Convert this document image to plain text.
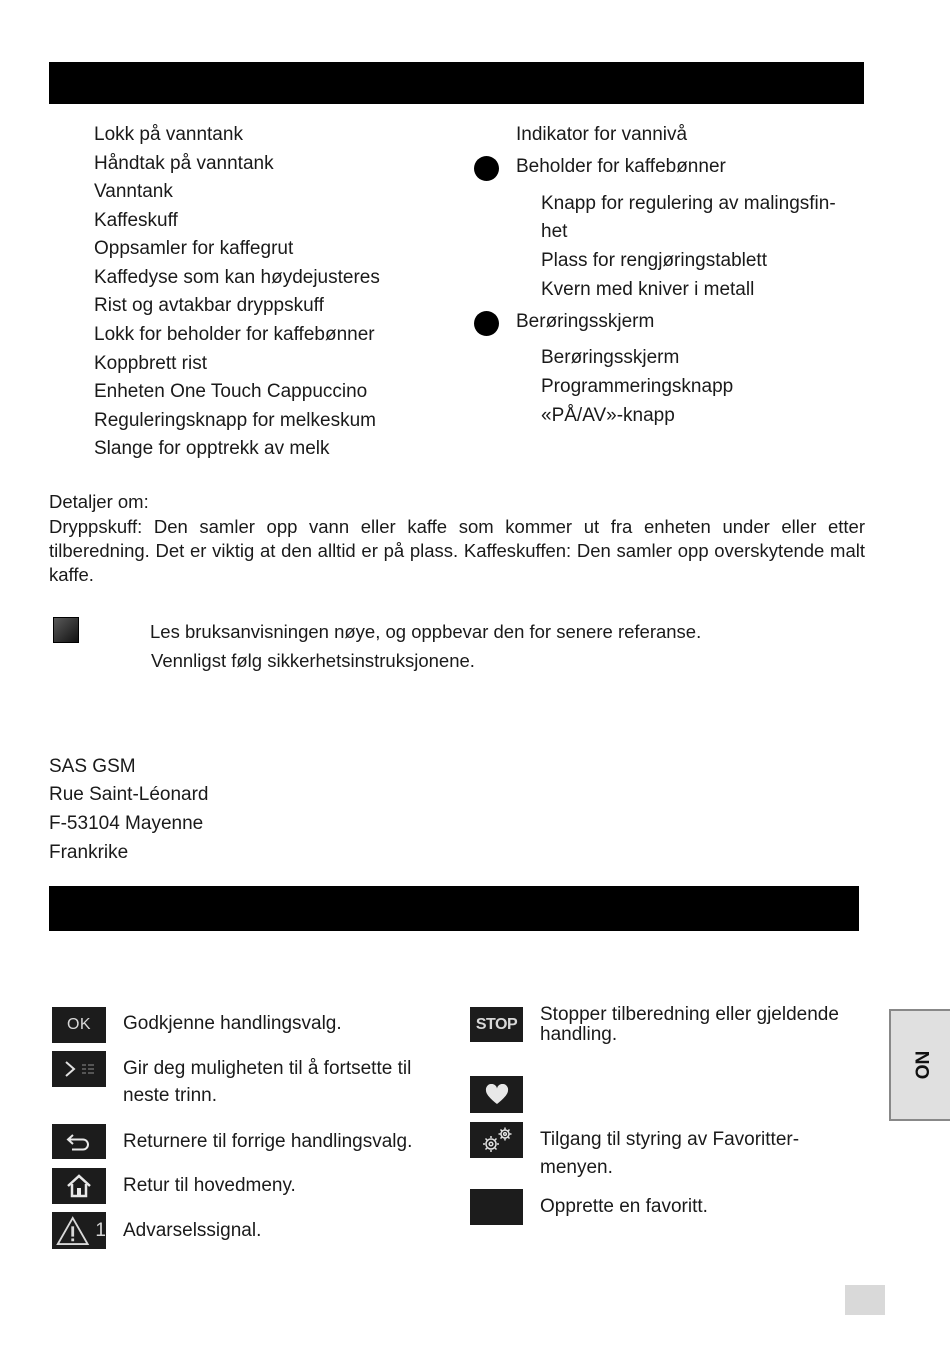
Lokk på vanntank
Håndtak på vanntank
Vanntank
Kaffeskuff
Oppsamler for kaffegrut
Kaffedyse som kan høydejusteres
Rist og avtakbar dryppskuff
Lokk for beholder for kaffebønner
Koppbrett rist
Enheten One Touch Cappuccino
Reguleringsknapp for melkeskum
Slange for opptrekk av melk
Indikator for vannivå
Beholder for kaffebønner
Knapp for regulering av malingsfin-
het
Plass for rengjøringstablett
Kvern med kniver i metall
Berøringsskjerm
Berøringsskjerm
Programmeringsknapp
«PÅ/AV»-knapp
Detaljer om:
Dryppskuff: Den samler opp vann eller kaffe som kommer ut fra enheten under eller etter tilberedning. Det er viktig at den alltid er på plass. Kaffeskuffen: Den samler opp overskytende malt kaffe.
Les bruksanvisningen nøye, og oppbevar den for senere referanse.
Vennligst følg sikkerhetsinstruksjonene.
SAS GSM
Rue Saint-Léonard
F-53104 Mayenne
Frankrike
OK Godkjenne handlingsvalg.
Gir deg muligheten til å fortsette til
neste trinn.
Returnere til forrige handlingsvalg.
Retur til hovedmeny.
1 Advarselssignal.
STOP Stopper tilberedning eller gjeldende
handling.
Tilgang til styring av Favoritter-
menyen.
Opprette en favoritt.
NO
